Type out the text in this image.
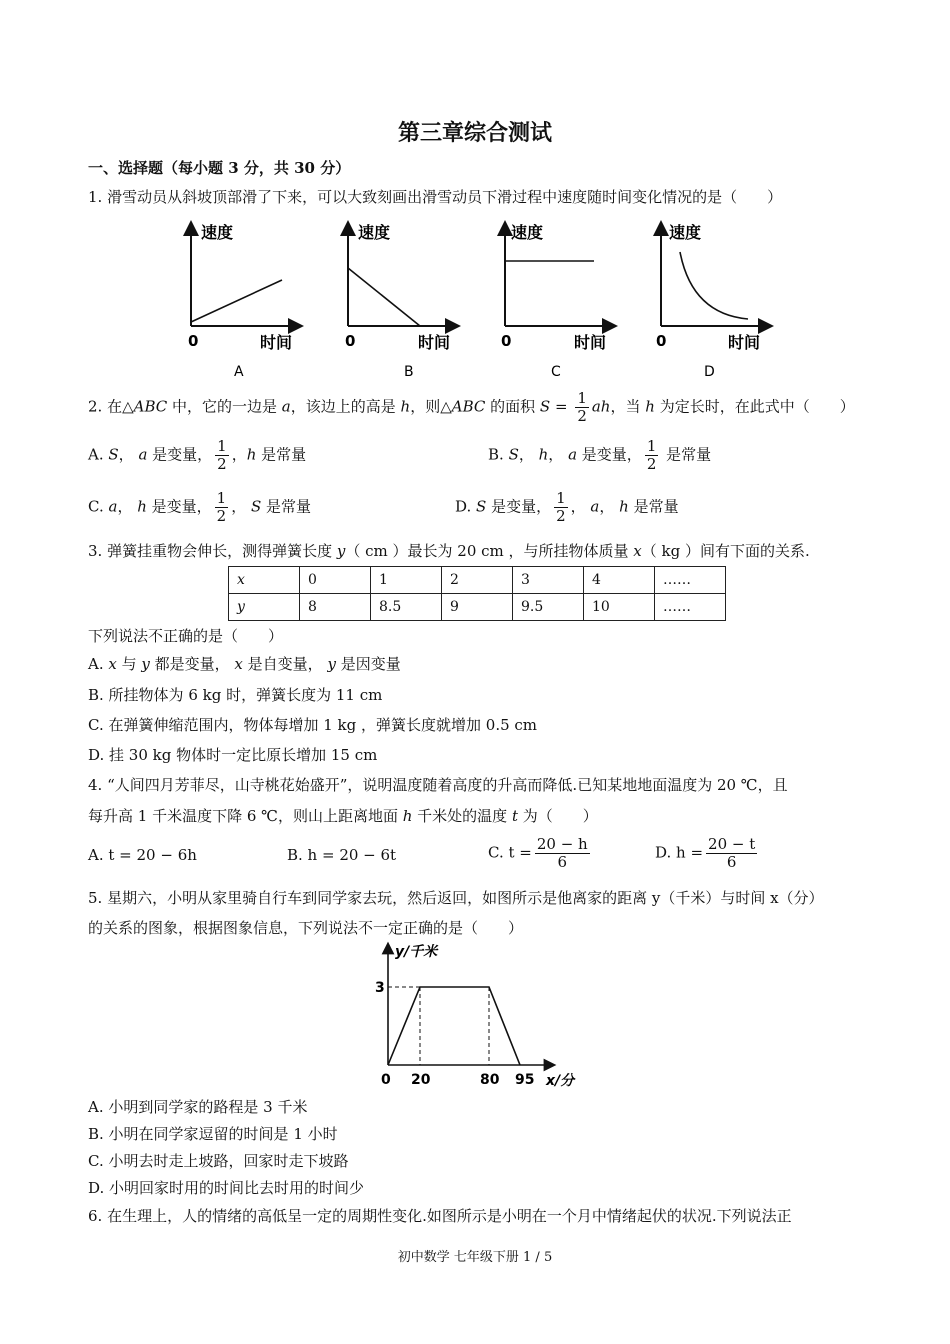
第三章综合测试
一、选择题（每小题 3 分，共 30 分）
1. 滑雪动员从斜坡顶部滑了下来，可以大致刻画出滑雪动员下滑过程中速度随时间变化情况的是（　　）
速度
0	时间
A
速度
0	时间
B
速度
0	时间
C
速度
0	时间
D
2. 在△ABC 中，它的一边是 a，该边上的高是 h，则△ABC 的面积 $S = \frac{1}{2}$ ah，当 h 为定长时，在此式中（　　）
A. S， a 是变量， $\frac{1}{2}$ ，h 是常量	B. S， h， a 是变量， $\frac{1}{2}$ 是常量
C. a， h 是变量， $\frac{1}{2}$ ， S 是常量	D. S 是变量， $\frac{1}{2}$ ， a， h 是常量
3. 弹簧挂重物会伸长，测得弹簧长度 y（ cm ）最长为 20 cm ，与所挂物体质量 x（ kg ）间有下面的关系.
x	0	1	2	3	4	……
y	8	8.5	9	9.5	10	……
下列说法不正确的是（　　）
A. x 与 y 都是变量， x 是自变量， y 是因变量
B. 所挂物体为 6 kg 时，弹簧长度为 11 cm
C. 在弹簧伸缩范围内，物体每增加 1 kg ，弹簧长度就增加 0.5 cm
D. 挂 30 kg 物体时一定比原长增加 15 cm
4. “人间四月芳菲尽，山寺桃花始盛开”，说明温度随着高度的升高而降低.已知某地地面温度为 20 ℃，且
每升高 1 千米温度下降 6 ℃，则山上距离地面 h 千米处的温度 t 为（　　）
A. t = 20 − 6h	B. h = 20 − 6t	C. $t = \frac{20 - h}{6}$	D. $h = \frac{20 - t}{6}$
5. 星期六，小明从家里骑自行车到同学家去玩，然后返回，如图所示是他离家的距离 y（千米）与时间 x（分）
的关系的图象，根据图象信息，下列说法不一定正确的是（　　）
y/千米
3
0 20	80 95 x/分
A. 小明到同学家的路程是 3 千米
B. 小明在同学家逗留的时间是 1 小时
C. 小明去时走上坡路，回家时走下坡路
D. 小明回家时用的时间比去时用的时间少
6. 在生理上，人的情绪的高低呈一定的周期性变化.如图所示是小明在一个月中情绪起伏的状况.下列说法正
初中数学 七年级下册 1 / 5
